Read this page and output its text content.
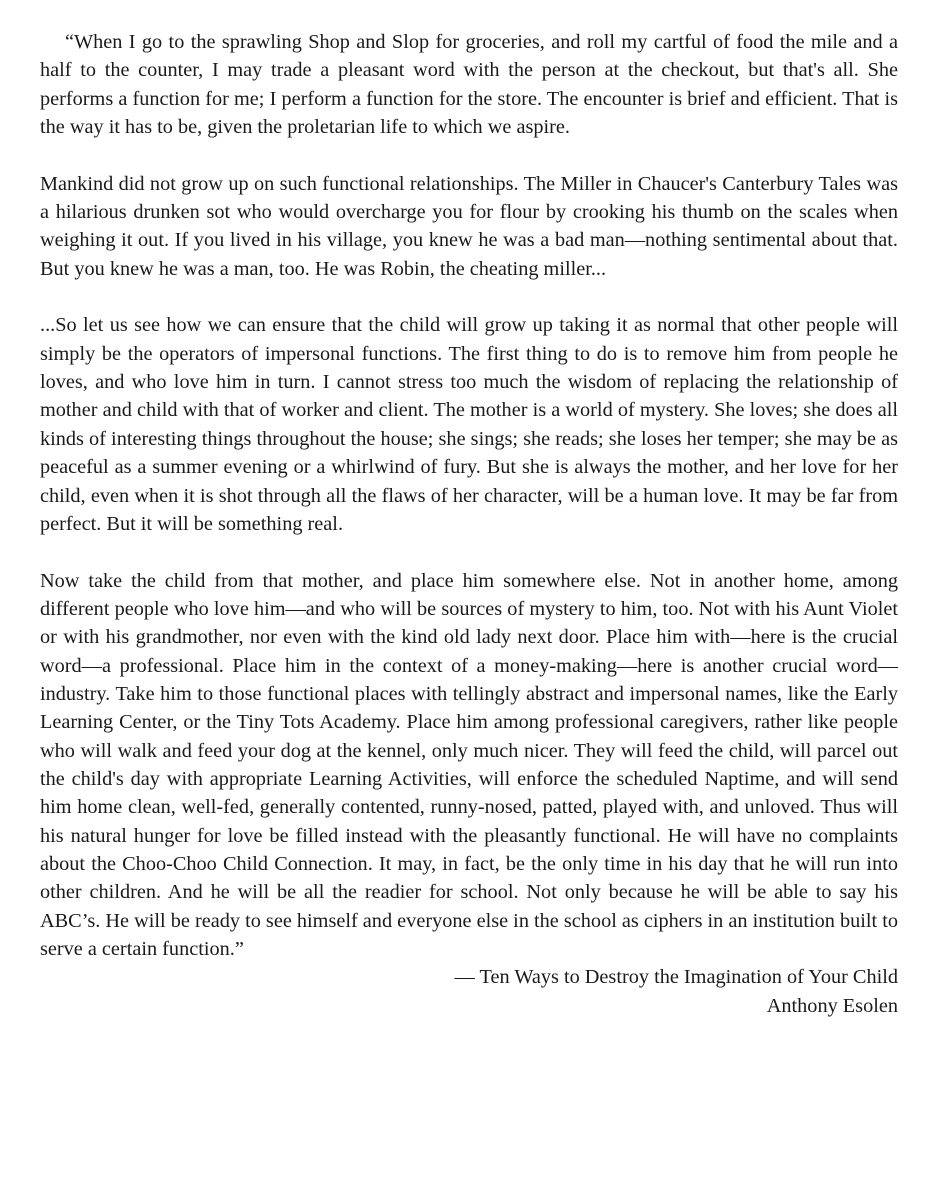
“When I go to the sprawling Shop and Slop for groceries, and roll my cartful of food the mile and a half to the counter, I may trade a pleasant word with the person at the checkout, but that's all. She performs a function for me; I perform a function for the store. The encounter is brief and efficient. That is the way it has to be, given the proletarian life to which we aspire.

Mankind did not grow up on such functional relationships. The Miller in Chaucer's Canterbury Tales was a hilarious drunken sot who would overcharge you for flour by crooking his thumb on the scales when weighing it out. If you lived in his village, you knew he was a bad man—nothing sentimental about that. But you knew he was a man, too. He was Robin, the cheating miller...

...So let us see how we can ensure that the child will grow up taking it as normal that other people will simply be the operators of impersonal functions. The first thing to do is to remove him from people he loves, and who love him in turn. I cannot stress too much the wisdom of replacing the relationship of mother and child with that of worker and client. The mother is a world of mystery. She loves; she does all kinds of interesting things throughout the house; she sings; she reads; she loses her temper; she may be as peaceful as a summer evening or a whirlwind of fury. But she is always the mother, and her love for her child, even when it is shot through all the flaws of her character, will be a human love. It may be far from perfect. But it will be something real.

Now take the child from that mother, and place him somewhere else. Not in another home, among different people who love him—and who will be sources of mystery to him, too. Not with his Aunt Violet or with his grandmother, nor even with the kind old lady next door. Place him with—here is the crucial word—a professional. Place him in the context of a money-making—here is another crucial word—industry. Take him to those functional places with tellingly abstract and impersonal names, like the Early Learning Center, or the Tiny Tots Academy. Place him among professional caregivers, rather like people who will walk and feed your dog at the kennel, only much nicer. They will feed the child, will parcel out the child's day with appropriate Learning Activities, will enforce the scheduled Naptime, and will send him home clean, well-fed, generally contented, runny-nosed, patted, played with, and unloved. Thus will his natural hunger for love be filled instead with the pleasantly functional. He will have no complaints about the Choo-Choo Child Connection. It may, in fact, be the only time in his day that he will run into other children. And he will be all the readier for school. Not only because he will be able to say his ABC’s. He will be ready to see himself and everyone else in the school as ciphers in an institution built to serve a certain function.”

— Ten Ways to Destroy the Imagination of Your Child

Anthony Esolen
